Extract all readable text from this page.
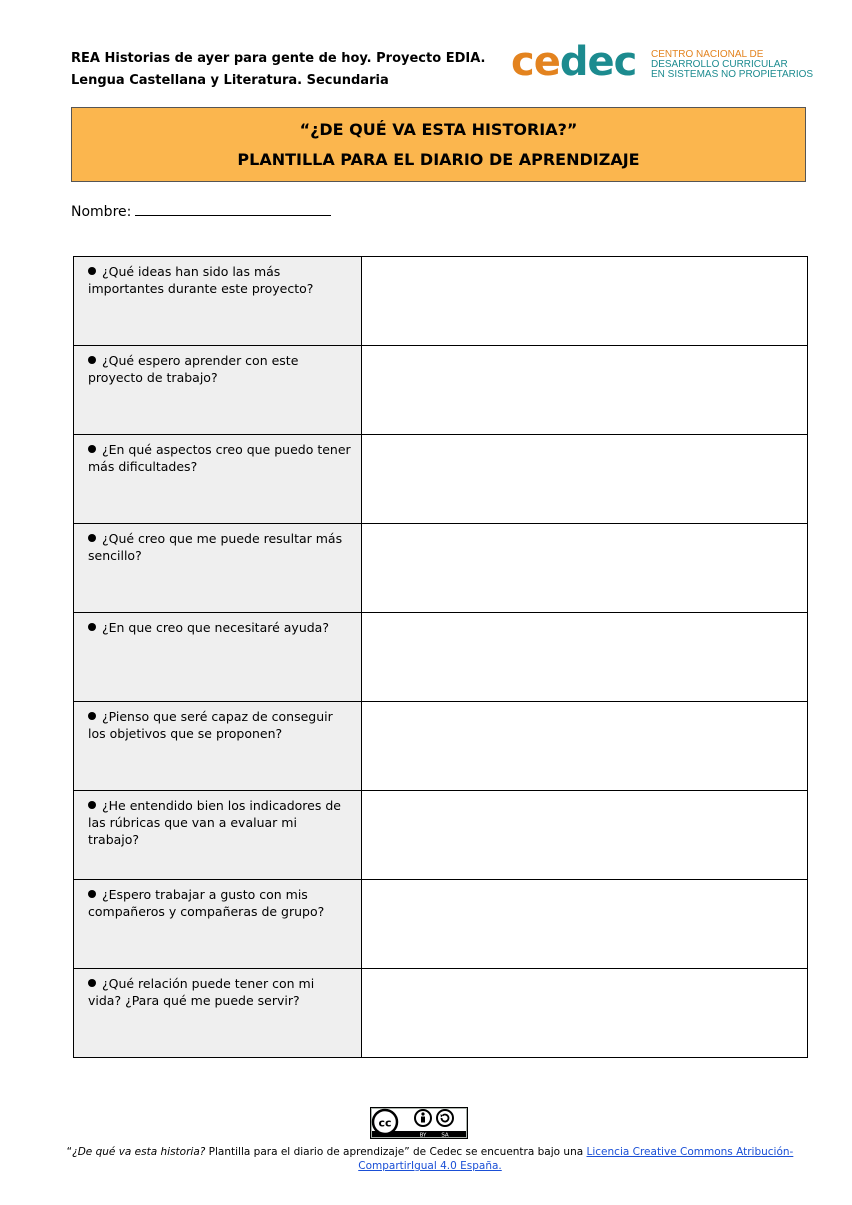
REA Historias de ayer para gente de hoy. Proyecto EDIA.
Lengua Castellana y Literatura. Secundaria	cedec CENTRO NACIONAL DE
DESARROLLO CURRICULAR
EN SISTEMAS NO PROPIETARIOS
“¿DE QUÉ VA ESTA HISTORIA?”
PLANTILLA PARA EL DIARIO DE APRENDIZAJE
Nombre:
¿Qué ideas han sido las más importantes durante este proyecto?	

¿Qué espero aprender con este proyecto de trabajo?	

¿En qué aspectos creo que puedo tener más dificultades?	

¿Qué creo que me puede resultar más sencillo?	

¿En que creo que necesitaré ayuda?	

¿Pienso que seré capaz de conseguir los objetivos que se proponen?	

¿He entendido bien los indicadores de las rúbricas que van a evaluar mi trabajo?	

¿Espero trabajar a gusto con mis compañeros y compañeras de grupo?	

¿Qué relación puede tener con mi vida? ¿Para qué me puede servir?	

cc
BY	SA
“¿De qué va esta historia? Plantilla para el diario de aprendizaje” de Cedec se encuentra bajo una Licencia Creative Commons Atribución-CompartirIgual 4.0 España.
